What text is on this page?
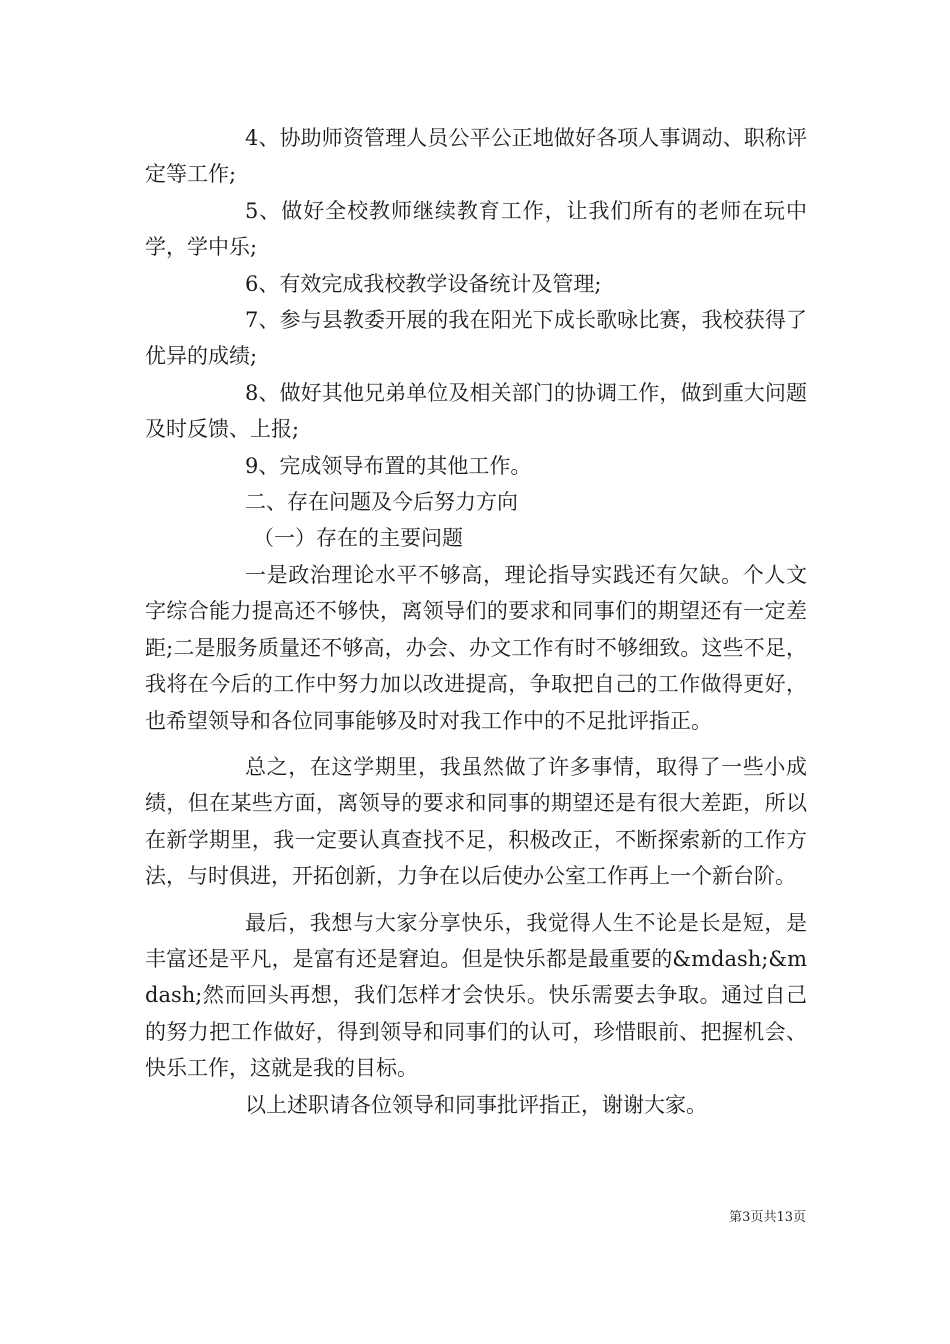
4、协助师资管理人员公平公正地做好各项人事调动、职称评定等工作;

5、做好全校教师继续教育工作，让我们所有的老师在玩中学，学中乐;

6、有效完成我校教学设备统计及管理;

7、参与县教委开展的我在阳光下成长歌咏比赛，我校获得了优异的成绩;

8、做好其他兄弟单位及相关部门的协调工作，做到重大问题及时反馈、上报;

9、完成领导布置的其他工作。

二、存在问题及今后努力方向

（一）存在的主要问题

一是政治理论水平不够高，理论指导实践还有欠缺。个人文字综合能力提高还不够快，离领导们的要求和同事们的期望还有一定差距;二是服务质量还不够高，办会、办文工作有时不够细致。这些不足，我将在今后的工作中努力加以改进提高，争取把自己的工作做得更好，也希望领导和各位同事能够及时对我工作中的不足批评指正。

总之，在这学期里，我虽然做了许多事情，取得了一些小成绩，但在某些方面，离领导的要求和同事的期望还是有很大差距，所以在新学期里，我一定要认真查找不足，积极改正，不断探索新的工作方法，与时俱进，开拓创新，力争在以后使办公室工作再上一个新台阶。

最后，我想与大家分享快乐，我觉得人生不论是长是短，是丰富还是平凡，是富有还是窘迫。但是快乐都是最重要的&mdash;&mdash;然而回头再想，我们怎样才会快乐。快乐需要去争取。通过自己的努力把工作做好，得到领导和同事们的认可，珍惜眼前、把握机会、快乐工作，这就是我的目标。

以上述职请各位领导和同事批评指正，谢谢大家。

第3页共13页
